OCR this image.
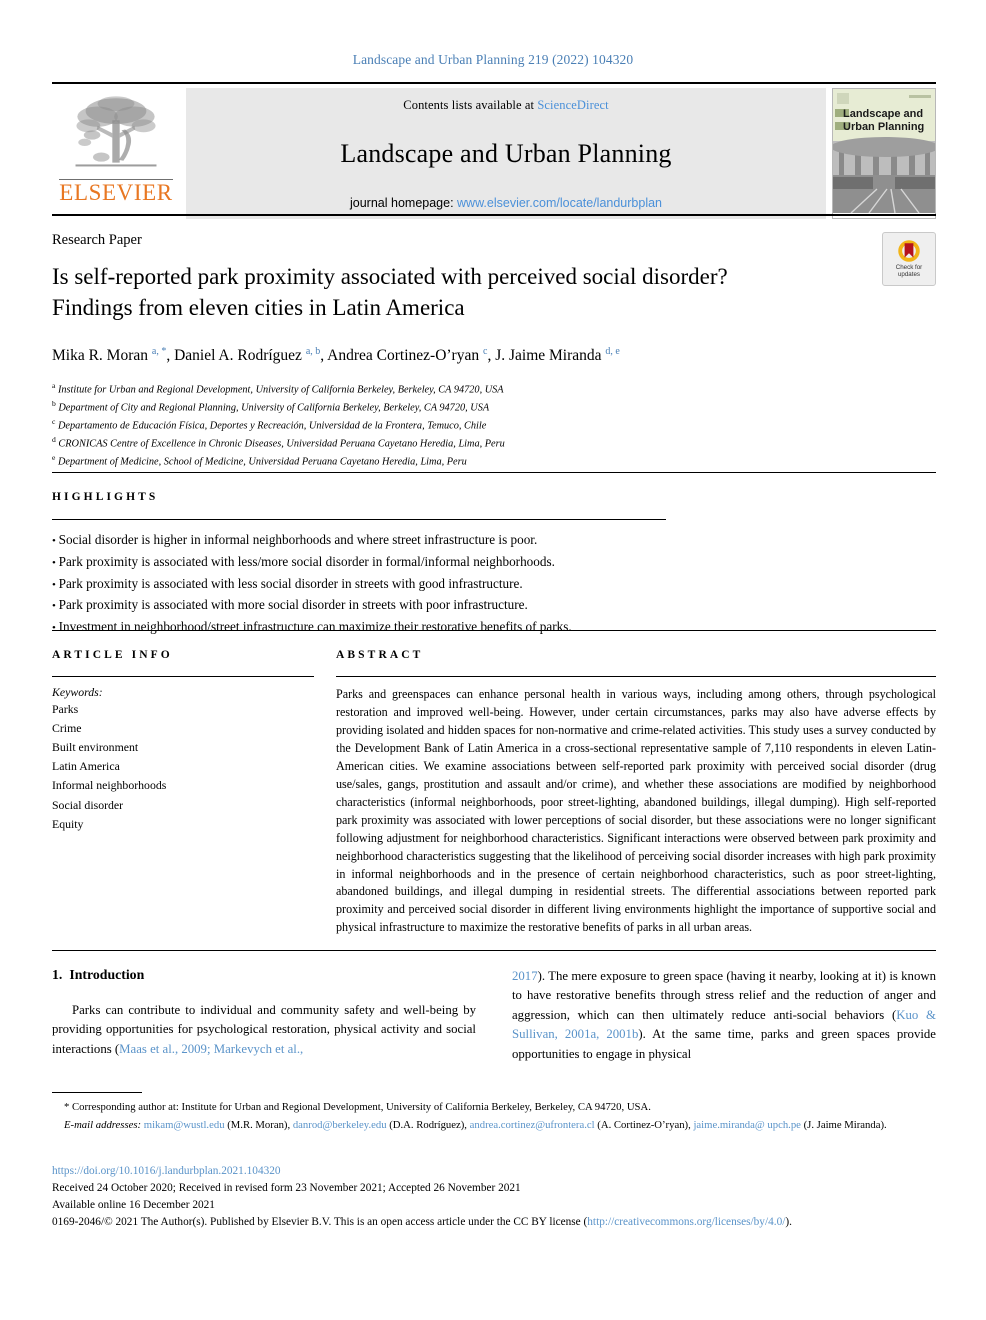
Landscape and Urban Planning 219 (2022) 104320
ELSEVIER
Contents lists available at ScienceDirect
Landscape and Urban Planning
journal homepage: www.elsevier.com/locate/landurbplan
Landscape and
Urban Planning
Research Paper
Check for
updates
Is self-reported park proximity associated with perceived social disorder?
Findings from eleven cities in Latin America
Mika R. Moran $^{a, *}$, Daniel A. Rodríguez $^{a, b}$, Andrea Cortinez-O’ryan $^c$, J. Jaime Miranda $^{d, e}$
$^a$ Institute for Urban and Regional Development, University of California Berkeley, Berkeley, CA 94720, USA
$^b$ Department of City and Regional Planning, University of California Berkeley, Berkeley, CA 94720, USA
$^c$ Departamento de Educación Física, Deportes y Recreación, Universidad de la Frontera, Temuco, Chile
$^d$ CRONICAS Centre of Excellence in Chronic Diseases, Universidad Peruana Cayetano Heredia, Lima, Peru
$^e$ Department of Medicine, School of Medicine, Universidad Peruana Cayetano Heredia, Lima, Peru
HIGHLIGHTS
• Social disorder is higher in informal neighborhoods and where street infrastructure is poor.
• Park proximity is associated with less/more social disorder in formal/informal neighborhoods.
• Park proximity is associated with less social disorder in streets with good infrastructure.
• Park proximity is associated with more social disorder in streets with poor infrastructure.
• Investment in neighborhood/street infrastructure can maximize their restorative benefits of parks.
ARTICLE INFO
Keywords:
Parks
Crime
Built environment
Latin America
Informal neighborhoods
Social disorder
Equity
ABSTRACT

Parks and greenspaces can enhance personal health in various ways, including among others, through psychological restoration and improved well-being. However, under certain circumstances, parks may also have adverse effects by providing isolated and hidden spaces for non-normative and crime-related activities. This study uses a survey conducted by the Development Bank of Latin America in a cross-sectional representative sample of 7,110 respondents in eleven Latin-American cities. We examine associations between self-reported park proximity with perceived social disorder (drug use/sales, gangs, prostitution and assault and/or crime), and whether these associations are modified by neighborhood characteristics (informal neighborhoods, poor street-lighting, abandoned buildings, illegal dumping). High self-reported park proximity was associated with lower perceptions of social disorder, but these associations were no longer significant following adjustment for neighborhood characteristics. Significant interactions were observed between park proximity and neighborhood characteristics suggesting that the likelihood of perceiving social disorder increases with high park proximity in informal neighborhoods and in the presence of certain neighborhood characteristics, such as poor street-lighting, abandoned buildings, and illegal dumping in residential streets. The differential associations between reported park proximity and perceived social disorder in different living environments highlight the importance of supportive social and physical infrastructure to maximize the restorative benefits of parks in all urban areas.

1. Introduction

Parks can contribute to individual and community safety and well-being by providing opportunities for psychological restoration, physical activity and social interactions (Maas et al., 2009; Markevych et al.,

2017). The mere exposure to green space (having it nearby, looking at it) is known to have restorative benefits through stress relief and the reduction of anger and aggression, which can then ultimately reduce anti-social behaviors (Kuo & Sullivan, 2001a, 2001b). At the same time, parks and green spaces provide opportunities to engage in physical

* Corresponding author at: Institute for Urban and Regional Development, University of California Berkeley, Berkeley, CA 94720, USA.
E-mail addresses: mikam@wustl.edu (M.R. Moran), danrod@berkeley.edu (D.A. Rodríguez), andrea.cortinez@ufrontera.cl (A. Cortinez-O’ryan), jaime.miranda@ upch.pe (J. Jaime Miranda).
https://doi.org/10.1016/j.landurbplan.2021.104320
Received 24 October 2020; Received in revised form 23 November 2021; Accepted 26 November 2021
Available online 16 December 2021
0169-2046/© 2021 The Author(s). Published by Elsevier B.V. This is an open access article under the CC BY license (http://creativecommons.org/licenses/by/4.0/).
